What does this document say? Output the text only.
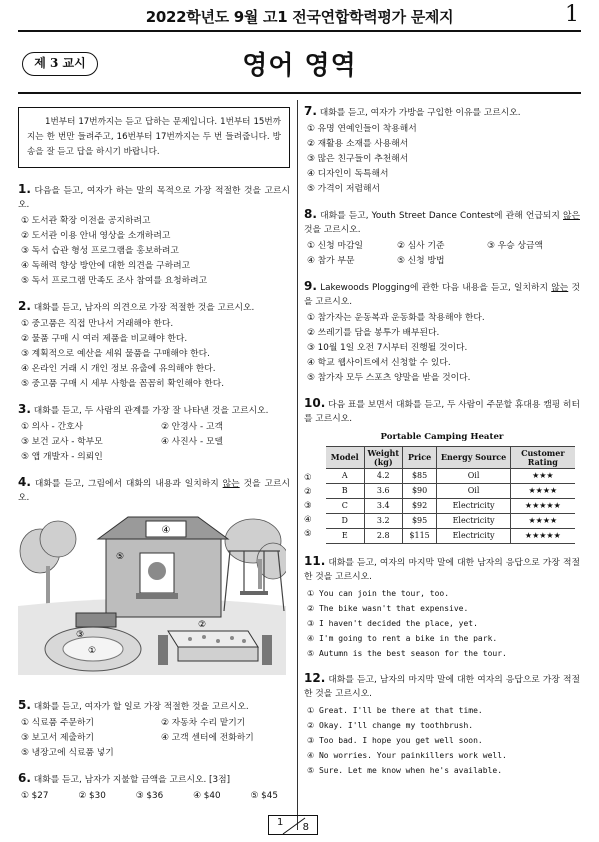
2022학년도 9월 고1 전국연합학력평가 문제지	1
제 3 교시	영어 영역
1번부터 17번까지는 듣고 답하는 문제입니다. 1번부터 15번까지는 한 번만 들려주고, 16번부터 17번까지는 두 번 들려줍니다. 방송을 잘 듣고 답을 하시기 바랍니다.
1. 다음을 듣고, 여자가 하는 말의 목적으로 가장 적절한 것을 고르시오.
① 도서관 확장 이전을 공지하려고
② 도서관 이용 안내 영상을 소개하려고
③ 독서 습관 형성 프로그램을 홍보하려고
④ 독해력 향상 방안에 대한 의견을 구하려고
⑤ 독서 프로그램 만족도 조사 참여를 요청하려고
2. 대화를 듣고, 남자의 의견으로 가장 적절한 것을 고르시오.
① 중고품은 직접 만나서 거래해야 한다.
② 물품 구매 시 여러 제품을 비교해야 한다.
③ 계획적으로 예산을 세워 물품을 구매해야 한다.
④ 온라인 거래 시 개인 정보 유출에 유의해야 한다.
⑤ 중고품 구매 시 세부 사항을 꼼꼼히 확인해야 한다.
3. 대화를 듣고, 두 사람의 관계를 가장 잘 나타낸 것을 고르시오.
① 의사 - 간호사	② 안경사 - 고객
③ 보건 교사 - 학부모	④ 사진사 - 모델
⑤ 앱 개발자 - 의뢰인
4. 대화를 듣고, 그림에서 대화의 내용과 일치하지 않는 것을 고르시오.
④
⑤
①
③
②
5. 대화를 듣고, 여자가 할 일로 가장 적절한 것을 고르시오.
① 식료품 주문하기	② 자동차 수리 맡기기
③ 보고서 제출하기	④ 고객 센터에 전화하기
⑤ 냉장고에 식료품 넣기
6. 대화를 듣고, 남자가 지불할 금액을 고르시오. [3점]
① $27	② $30	③ $36	④ $40	⑤ $45
7. 대화를 듣고, 여자가 가방을 구입한 이유를 고르시오.
① 유명 연예인들이 착용해서
② 재활용 소재를 사용해서
③ 많은 친구들이 추천해서
④ 디자인이 독특해서
⑤ 가격이 저렴해서
8. 대화를 듣고, Youth Street Dance Contest에 관해 언급되지 않은 것을 고르시오.
① 신청 마감일	② 심사 기준	③ 우승 상금액
④ 참가 부문	⑤ 신청 방법
9. Lakewoods Plogging에 관한 다음 내용을 듣고, 일치하지 않는 것을 고르시오.
① 참가자는 운동복과 운동화를 착용해야 한다.
② 쓰레기를 담을 봉투가 배부된다.
③ 10월 1일 오전 7시부터 진행될 것이다.
④ 학교 웹사이트에서 신청할 수 있다.
⑤ 참가자 모두 스포츠 양말을 받을 것이다.
10. 다음 표를 보면서 대화를 듣고, 두 사람이 주문할 휴대용 캠핑 히터를 고르시오.
Portable Camping Heater
①
②
③
④
⑤
Model	Weight (kg)	Price	Energy Source	Customer Rating
A	4.2	$85	Oil	★★★
B	3.6	$90	Oil	★★★★
C	3.4	$92	Electricity	★★★★★
D	3.2	$95	Electricity	★★★★
E	2.8	$115	Electricity	★★★★★
11. 대화를 듣고, 여자의 마지막 말에 대한 남자의 응답으로 가장 적절한 것을 고르시오.
① You can join the tour, too.
② The bike wasn't that expensive.
③ I haven't decided the place, yet.
④ I'm going to rent a bike in the park.
⑤ Autumn is the best season for the tour.
12. 대화를 듣고, 남자의 마지막 말에 대한 여자의 응답으로 가장 적절한 것을 고르시오.
① Great. I'll be there at that time.
② Okay. I'll change my toothbrush.
③ Too bad. I hope you get well soon.
④ No worries. Your painkillers work well.
⑤ Sure. Let me know when he's available.
1 8
